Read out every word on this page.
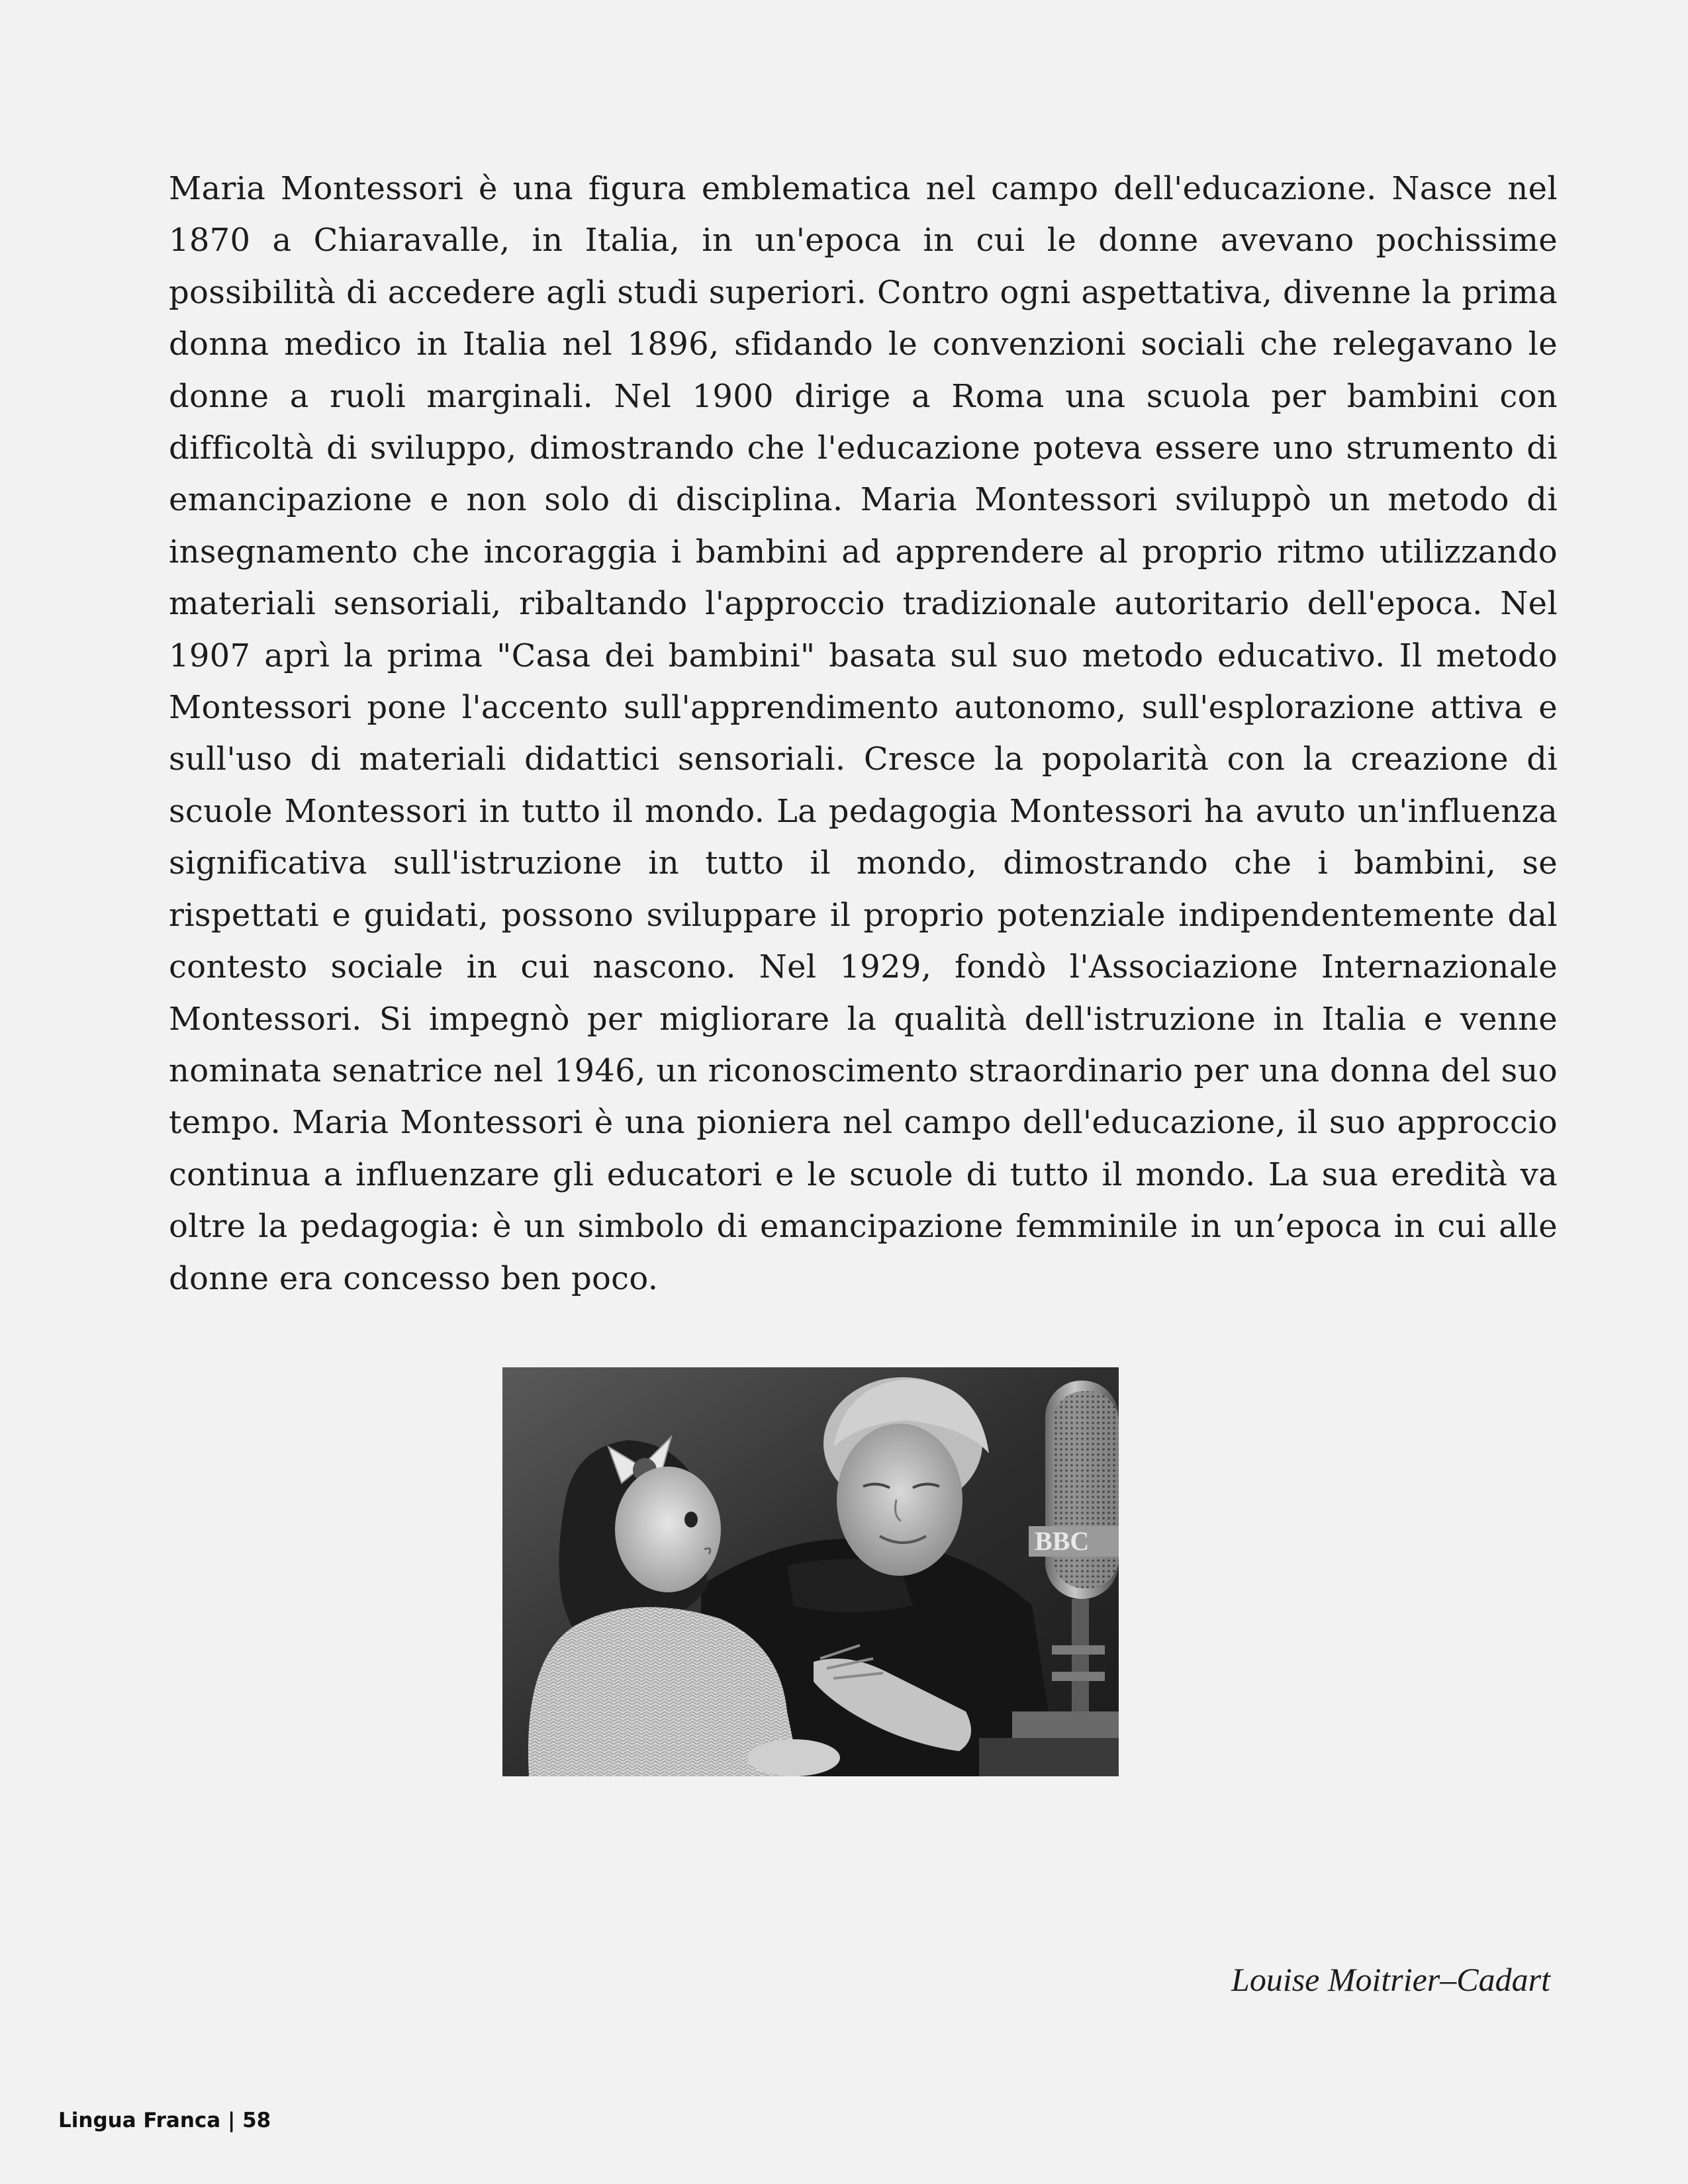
Maria Montessori è una figura emblematica nel campo dell'educazione. Nasce nel 1870 a Chiaravalle, in Italia, in un'epoca in cui le donne avevano pochissime possibilità di accedere agli studi superiori. Contro ogni aspettativa, divenne la prima donna medico in Italia nel 1896, sfidando le convenzioni sociali che relegavano le donne a ruoli marginali. Nel 1900 dirige a Roma una scuola per bambini con difficoltà di sviluppo, dimostrando che l'educazione poteva essere uno strumento di emancipazione e non solo di disciplina. Maria Montessori sviluppò un metodo di insegnamento che incoraggia i bambini ad apprendere al proprio ritmo utilizzando materiali sensoriali, ribaltando l'approccio tradizionale autoritario dell'epoca. Nel 1907 aprì la prima "Casa dei bambini" basata sul suo metodo educativo. Il metodo Montessori pone l'accento sull'apprendimento autonomo, sull'esplorazione attiva e sull'uso di materiali didattici sensoriali. Cresce la popolarità con la creazione di scuole Montessori in tutto il mondo. La pedagogia Montessori ha avuto un'influenza significativa sull'istruzione in tutto il mondo, dimostrando che i bambini, se rispettati e guidati, possono sviluppare il proprio potenziale indipendentemente dal contesto sociale in cui nascono. Nel 1929, fondò l'Associazione Internazionale Montessori. Si impegnò per migliorare la qualità dell'istruzione in Italia e venne nominata senatrice nel 1946, un riconoscimento straordinario per una donna del suo tempo. Maria Montessori è una pioniera nel campo dell'educazione, il suo approccio continua a influenzare gli educatori e le scuole di tutto il mondo. La sua eredità va oltre la pedagogia: è un simbolo di emancipazione femminile in un’epoca in cui alle donne era concesso ben poco.

BBC
Louise Moitrier–Cadart
Lingua Franca | 58
